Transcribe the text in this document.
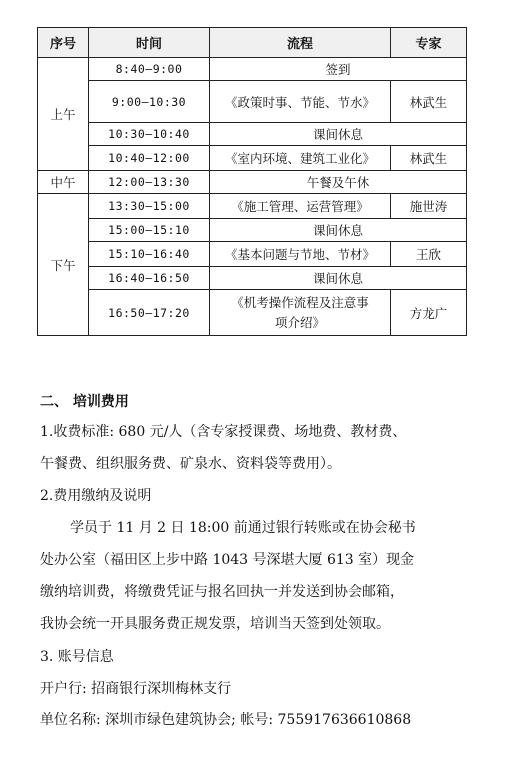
序号	时间	流程	专家
上午	8:40—9:00	签到	
	9:00—10:30	《政策时事、节能、节水》	林武生
	10:30—10:40	课间休息	
	10:40—12:00	《室内环境、建筑工业化》	林武生
中午	12:00—13:30	午餐及午休	
下午	13:30—15:00	《施工管理、运营管理》	施世涛
	15:00—15:10	课间休息	
	15:10—16:40	《基本问题与节地、节材》	王欣
	16:40—16:50	课间休息	
	16:50—17:20	《机考操作流程及注意事
项介绍》	方龙广
二、 培训费用
1.收费标准: 680 元/人（含专家授课费、场地费、教材费、
午餐费、组织服务费、矿泉水、资料袋等费用）。
2.费用缴纳及说明
学员于 11 月 2 日 18:00 前通过银行转账或在协会秘书
处办公室（福田区上步中路 1043 号深堪大厦 613 室）现金
缴纳培训费，将缴费凭证与报名回执一并发送到协会邮箱，
我协会统一开具服务费正规发票，培训当天签到处领取。
3. 账号信息
开户行: 招商银行深圳梅林支行
单位名称: 深圳市绿色建筑协会; 帐号: 755917636610868
